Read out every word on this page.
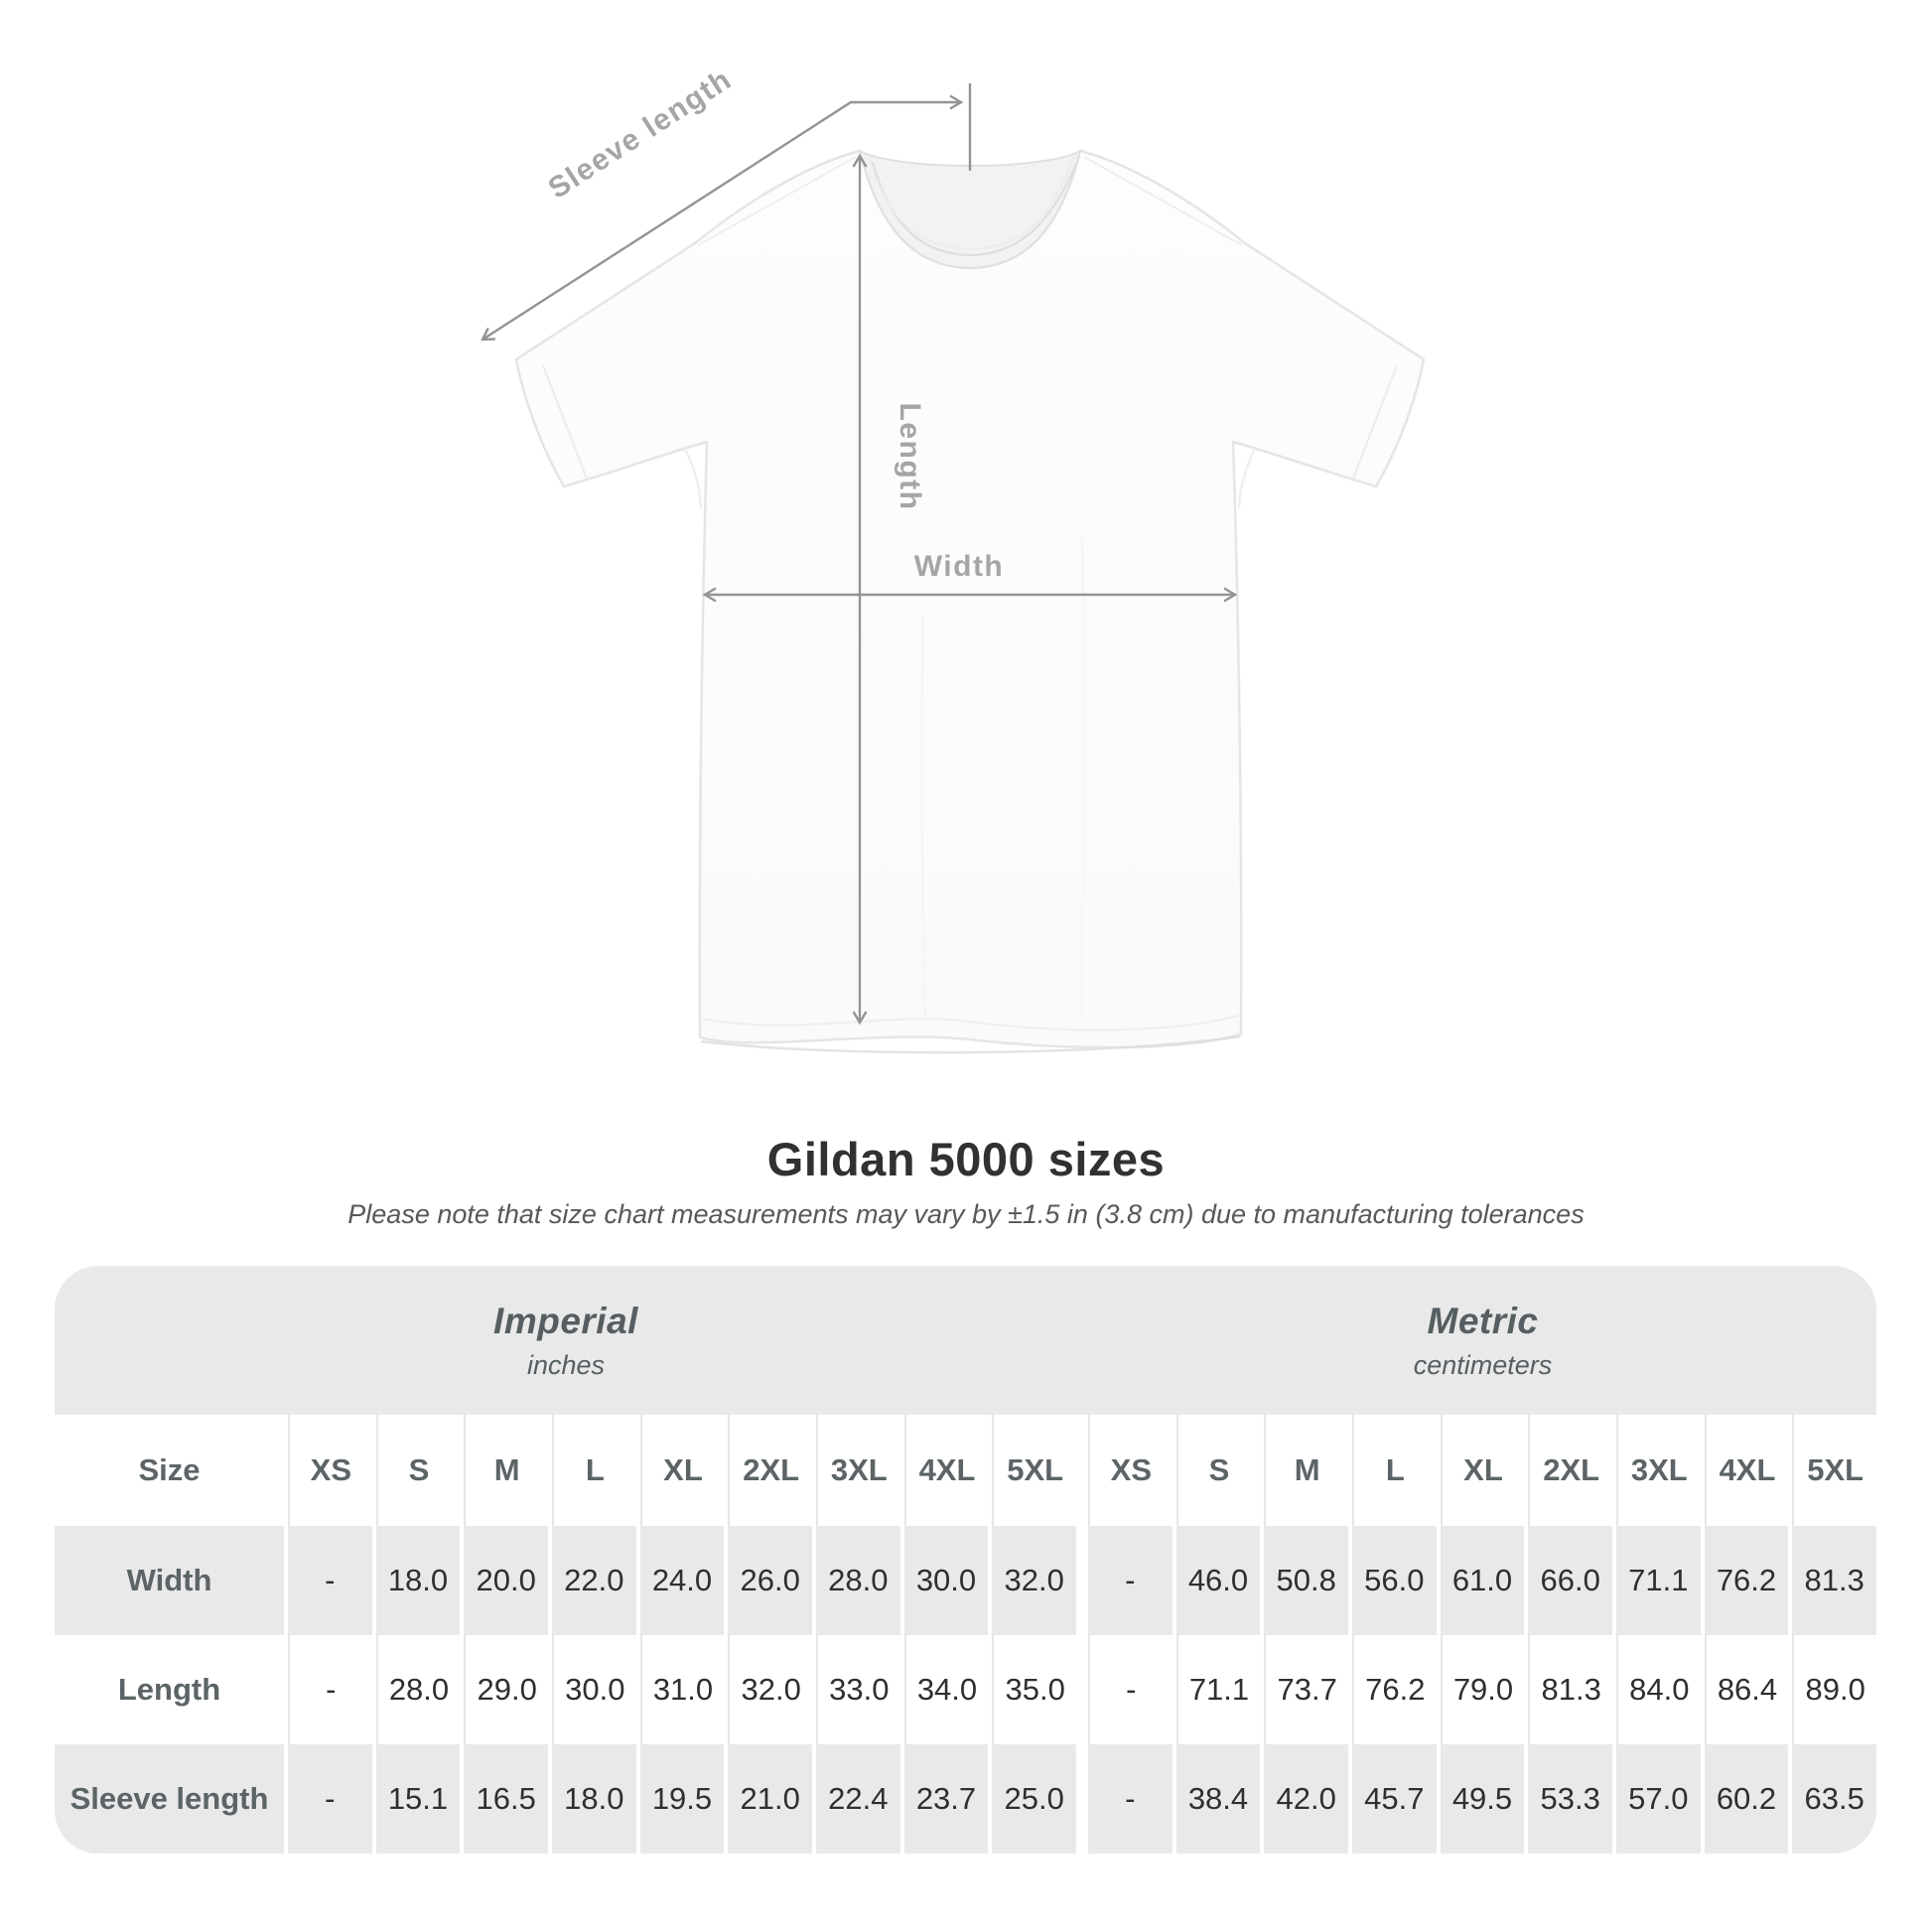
Sleeve length
Length
Width
Gildan 5000 sizes
Please note that size chart measurements may vary by ±1.5 in (3.8 cm) due to manufacturing tolerances
Imperial
inches
Metric
centimeters
Size	XS	S	M	L	XL	2XL	3XL	4XL	5XL	XS	S	M	L	XL	2XL	3XL	4XL	5XL
Width	-	18.0 20.0 22.0 24.0 26.0 28.0 30.0 32.0	-	46.0 50.8 56.0 61.0 66.0 71.1 76.2 81.3
Length	-	28.0 29.0 30.0 31.0 32.0 33.0 34.0 35.0	-	71.1 73.7 76.2 79.0 81.3 84.0 86.4 89.0
Sleeve length	-	15.1 16.5 18.0 19.5 21.0 22.4 23.7 25.0	-	38.4 42.0 45.7 49.5 53.3 57.0 60.2 63.5
